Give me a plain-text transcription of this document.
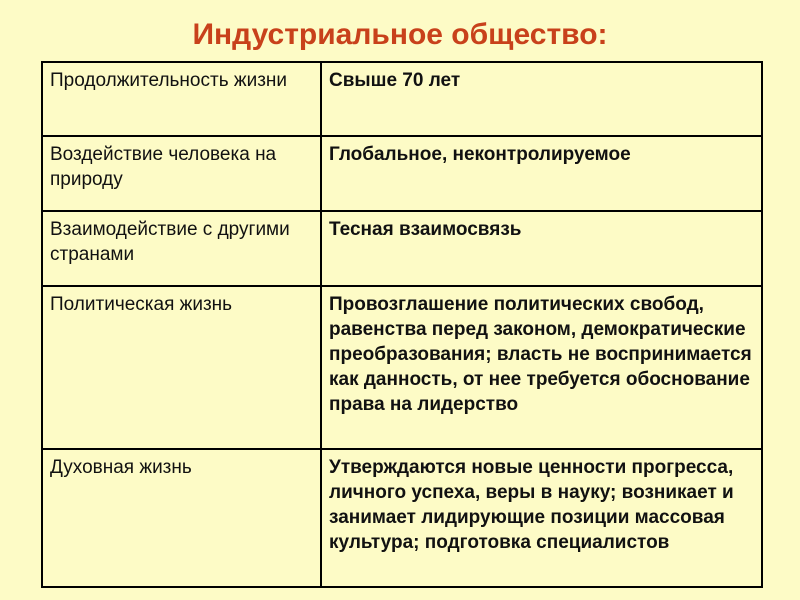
Индустриальное общество:
Продолжительность жизни	Свыше 70 лет
Воздействие человека на природу	Глобальное, неконтролируемое
Взаимодействие с другими странами	Тесная взаимосвязь
Политическая жизнь	Провозглашение политических свобод, равенства перед законом, демократические преобразования; власть не воспринимается как данность, от нее требуется обоснование права на лидерство
Духовная жизнь	Утверждаются новые ценности прогресса, личного успеха, веры в науку; возникает и занимает лидирующие позиции массовая культура; подготовка специалистов
